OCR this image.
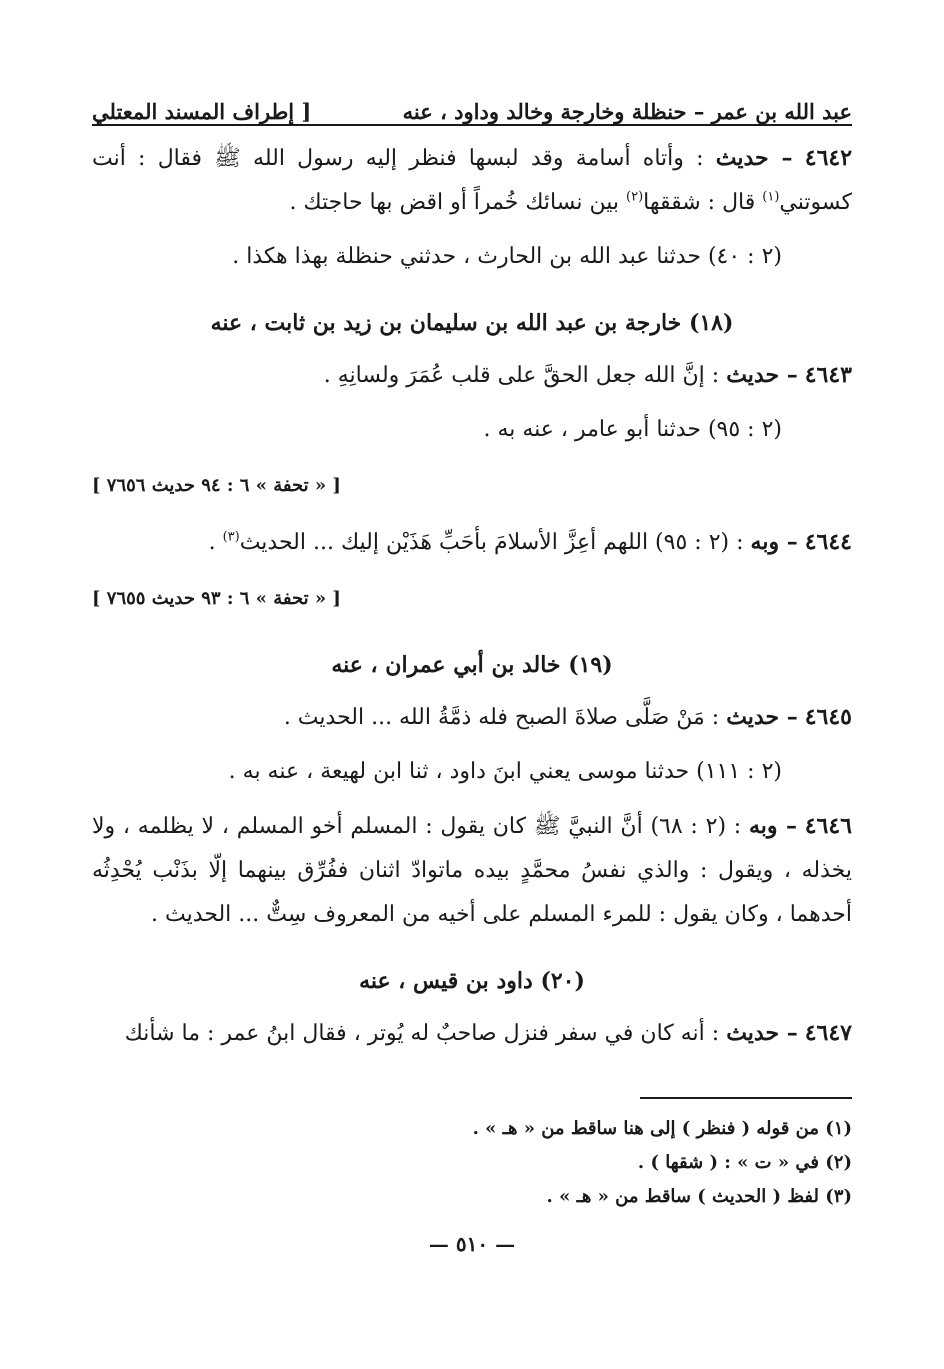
عبد الله بن عمر – حنظلة وخارجة وخالد وداود ، عنه
[ إطراف المسند المعتلي

٤٦٤٢ – حديث : وأتاه أسامة وقد لبسها فنظر إليه رسول الله ﷺ فقال : أنت كسوتني$^{(١)}$ قال : شققها$^{(٢)}$ بين نسائك خُمراً أو اقض بها حاجتك .

(٢ : ٤٠) حدثنا عبد الله بن الحارث ، حدثني حنظلة بهذا هكذا .

(١٨) خارجة بن عبد الله بن سليمان بن زيد بن ثابت ، عنه

٤٦٤٣ – حديث : إنَّ الله جعل الحقَّ على قلب عُمَرَ ولسانِهِ .

(٢ : ٩٥) حدثنا أبو عامر ، عنه به .

[ « تحفة » ٦ : ٩٤ حديث ٧٦٥٦ ]

٤٦٤٤ – وبه : (٢ : ٩٥) اللهم أعِزَّ الأسلامَ بأحَبِّ هَذَيْن إليك ... الحديث$^{(٣)}$ .

[ « تحفة » ٦ : ٩٣ حديث ٧٦٥٥ ]

(١٩) خالد بن أبي عمران ، عنه

٤٦٤٥ – حديث : مَنْ صَلَّى صلاةَ الصبح فله ذمَّةُ الله ... الحديث .

(٢ : ١١١) حدثنا موسى يعني ابنَ داود ، ثنا ابن لهيعة ، عنه به .

٤٦٤٦ – وبه : (٢ : ٦٨) أنَّ النبيَّ ﷺ كان يقول : المسلم أخو المسلم ، لا يظلمه ، ولا يخذله ، ويقول : والذي نفسُ محمَّدٍ بيده ماتوادّ اثنان ففُرِّق بينهما إلّا بذَنْب يُحْدِثُه أحدهما ، وكان يقول : للمرء المسلم على أخيه من المعروف سِتٌّ ... الحديث .

(٢٠) داود بن قيس ، عنه

٤٦٤٧ – حديث : أنه كان في سفر فنزل صاحبٌ له يُوتر ، فقال ابنُ عمر : ما شأنك

(١) من قوله ( فنظر ) إلى هنا ساقط من « هـ » .
(٢) في « ت » : ( شقها ) .
(٣) لفظ ( الحديث ) ساقط من « هـ » .
— ٥١٠ —
